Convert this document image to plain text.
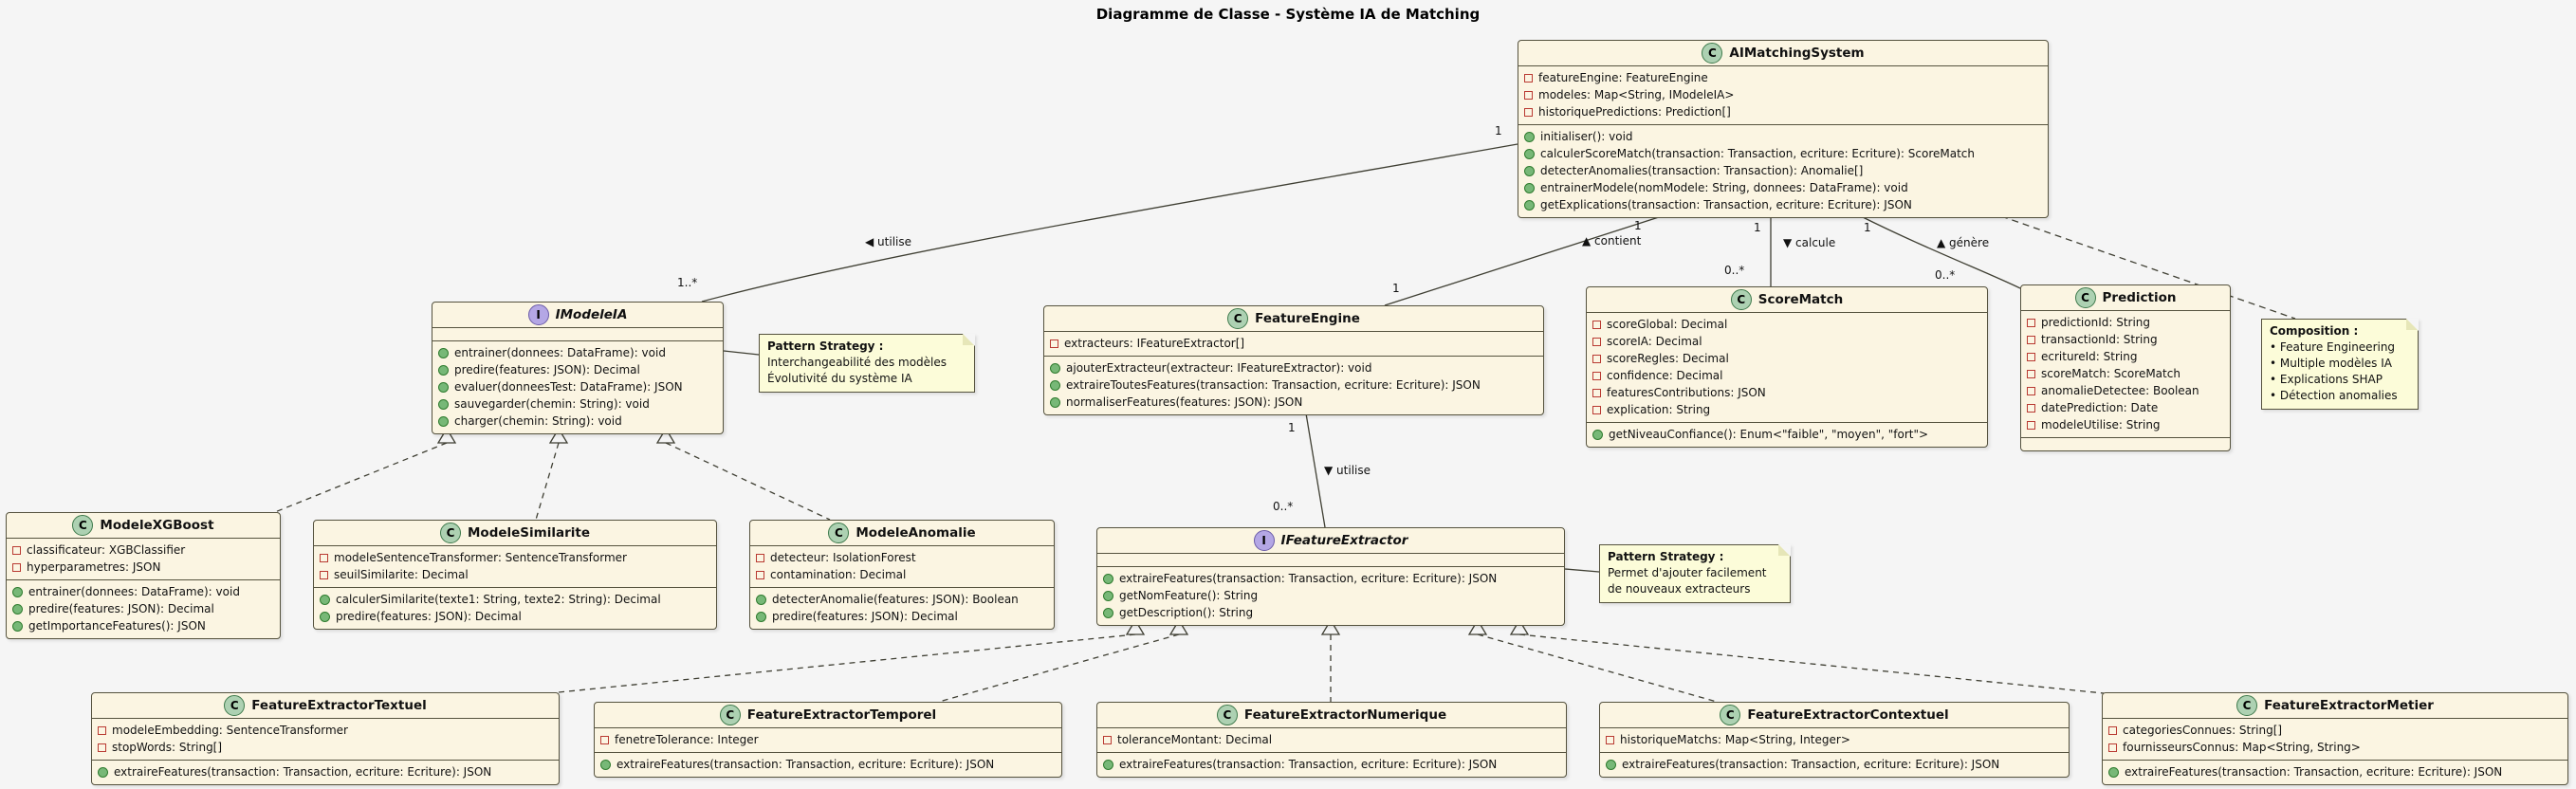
Diagramme de Classe - Système IA de Matching
C	AIMatchingSystem
featureEngine: FeatureEngine
modeles: Map<String, IModeleIA>
historiquePredictions: Prediction[]
initialiser(): void
calculerScoreMatch(transaction: Transaction, ecriture: Ecriture): ScoreMatch
detecterAnomalies(transaction: Transaction): Anomalie[]
entrainerModele(nomModele: String, donnees: DataFrame): void
getExplications(transaction: Transaction, ecriture: Ecriture): JSON
I	IModeleIA
entrainer(donnees: DataFrame): void
predire(features: JSON): Decimal
evaluer(donneesTest: DataFrame): JSON
sauvegarder(chemin: String): void
charger(chemin: String): void
C	FeatureEngine
extracteurs: IFeatureExtractor[]
ajouterExtracteur(extracteur: IFeatureExtractor): void
extraireToutesFeatures(transaction: Transaction, ecriture: Ecriture): JSON
normaliserFeatures(features: JSON): JSON
C	ScoreMatch
scoreGlobal: Decimal
scoreIA: Decimal
scoreRegles: Decimal
confidence: Decimal
featuresContributions: JSON
explication: String
getNiveauConfiance(): Enum<"faible", "moyen", "fort">
C	Prediction
predictionId: String
transactionId: String
ecritureId: String
scoreMatch: ScoreMatch
anomalieDetectee: Boolean
datePrediction: Date
modeleUtilise: String
C	ModeleXGBoost
classificateur: XGBClassifier
hyperparametres: JSON
entrainer(donnees: DataFrame): void
predire(features: JSON): Decimal
getImportanceFeatures(): JSON
C	ModeleSimilarite
modeleSentenceTransformer: SentenceTransformer
seuilSimilarite: Decimal
calculerSimilarite(texte1: String, texte2: String): Decimal
predire(features: JSON): Decimal
C	ModeleAnomalie
detecteur: IsolationForest
contamination: Decimal
detecterAnomalie(features: JSON): Boolean
predire(features: JSON): Decimal
I	IFeatureExtractor
extraireFeatures(transaction: Transaction, ecriture: Ecriture): JSON
getNomFeature(): String
getDescription(): String
C	FeatureExtractorTextuel
modeleEmbedding: SentenceTransformer
stopWords: String[]
extraireFeatures(transaction: Transaction, ecriture: Ecriture): JSON
C	FeatureExtractorTemporel
fenetreTolerance: Integer
extraireFeatures(transaction: Transaction, ecriture: Ecriture): JSON
C	FeatureExtractorNumerique
toleranceMontant: Decimal
extraireFeatures(transaction: Transaction, ecriture: Ecriture): JSON
C	FeatureExtractorContextuel
historiqueMatchs: Map<String, Integer>
extraireFeatures(transaction: Transaction, ecriture: Ecriture): JSON
C	FeatureExtractorMetier
categoriesConnues: String[]
fournisseursConnus: Map<String, String>
extraireFeatures(transaction: Transaction, ecriture: Ecriture): JSON
Pattern Strategy :
Interchangeabilité des modèles
Évolutivité du système IA
Composition :
• Feature Engineering
• Multiple modèles IA
• Explications SHAP
• Détection anomalies
Pattern Strategy :
Permet d'ajouter facilement
de nouveaux extracteurs
◀ utilise	▲ contient	▼ calcule	▲ génère
▼ utilise
1
1..*
1
1
1
0..*
1
0..*
1
0..*
